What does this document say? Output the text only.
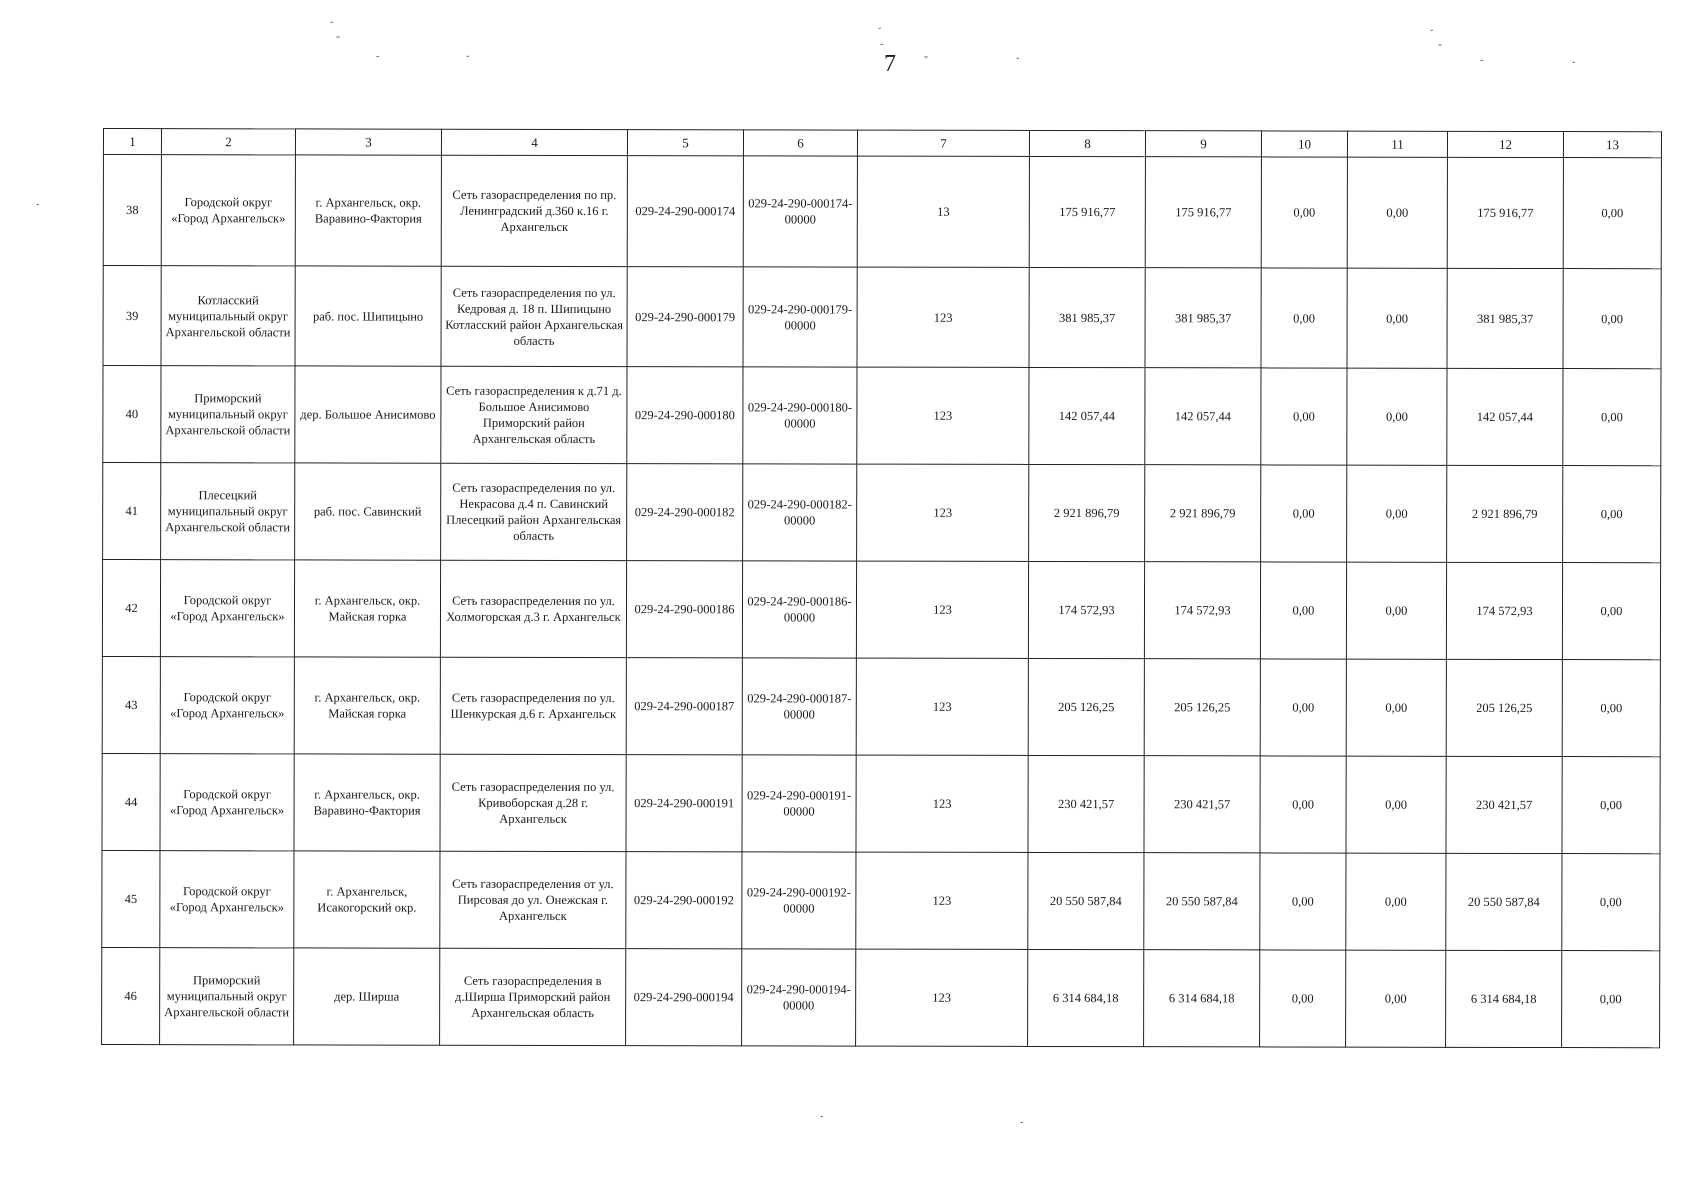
ˇ
"
-	ˇ
ˇ
-
"	ˇ
ˇ
"
-
ˇ
-
-
-
7
1	2	3	4	5	6	7	8	9	10	11	12	13
38	Городской округ «Город Архангельск»	г. Архангельск, окр. Варавино-Фактория	Сеть газораспределения по пр. Ленинградский д.360 к.16 г. Архангельск	029-24-290-000174	029-24-290-000174-00000	13	175 916,77	175 916,77	0,00	0,00	175 916,77	0,00
39	Котласский муниципальный округ Архангельской области	раб. пос. Шипицыно	Сеть газораспределения по ул. Кедровая д. 18 п. Шипицыно Котласский район Архангельская область	029-24-290-000179	029-24-290-000179-00000	123	381 985,37	381 985,37	0,00	0,00	381 985,37	0,00
40	Приморский муниципальный округ Архангельской области	дер. Большое Анисимово	Сеть газораспределения к д.71 д. Большое Анисимово Приморский район Архангельская область	029-24-290-000180	029-24-290-000180-00000	123	142 057,44	142 057,44	0,00	0,00	142 057,44	0,00
41	Плесецкий муниципальный округ Архангельской области	раб. пос. Савинский	Сеть газораспределения по ул. Некрасова д.4 п. Савинский Плесецкий район Архангельская область	029-24-290-000182	029-24-290-000182-00000	123	2 921 896,79	2 921 896,79	0,00	0,00	2 921 896,79	0,00
42	Городской округ «Город Архангельск»	г. Архангельск, окр. Майская горка	Сеть газораспределения по ул. Холмогорская д.3 г. Архангельск	029-24-290-000186	029-24-290-000186-00000	123	174 572,93	174 572,93	0,00	0,00	174 572,93	0,00
43	Городской округ «Город Архангельск»	г. Архангельск, окр. Майская горка	Сеть газораспределения по ул. Шенкурская д.6 г. Архангельск	029-24-290-000187	029-24-290-000187-00000	123	205 126,25	205 126,25	0,00	0,00	205 126,25	0,00
44	Городской округ «Город Архангельск»	г. Архангельск, окр. Варавино-Фактория	Сеть газораспределения по ул. Кривоборская д.28 г. Архангельск	029-24-290-000191	029-24-290-000191-00000	123	230 421,57	230 421,57	0,00	0,00	230 421,57	0,00
45	Городской округ «Город Архангельск»	г. Архангельск, Исакогорский окр.	Сеть газораспределения от ул. Пирсовая до ул. Онежская г. Архангельск	029-24-290-000192	029-24-290-000192-00000	123	20 550 587,84	20 550 587,84	0,00	0,00	20 550 587,84	0,00
46	Приморский муниципальный округ Архангельской области	дер. Ширша	Сеть газораспределения в д.Ширша Приморский район Архангельская область	029-24-290-000194	029-24-290-000194-00000	123	6 314 684,18	6 314 684,18	0,00	0,00	6 314 684,18	0,00
